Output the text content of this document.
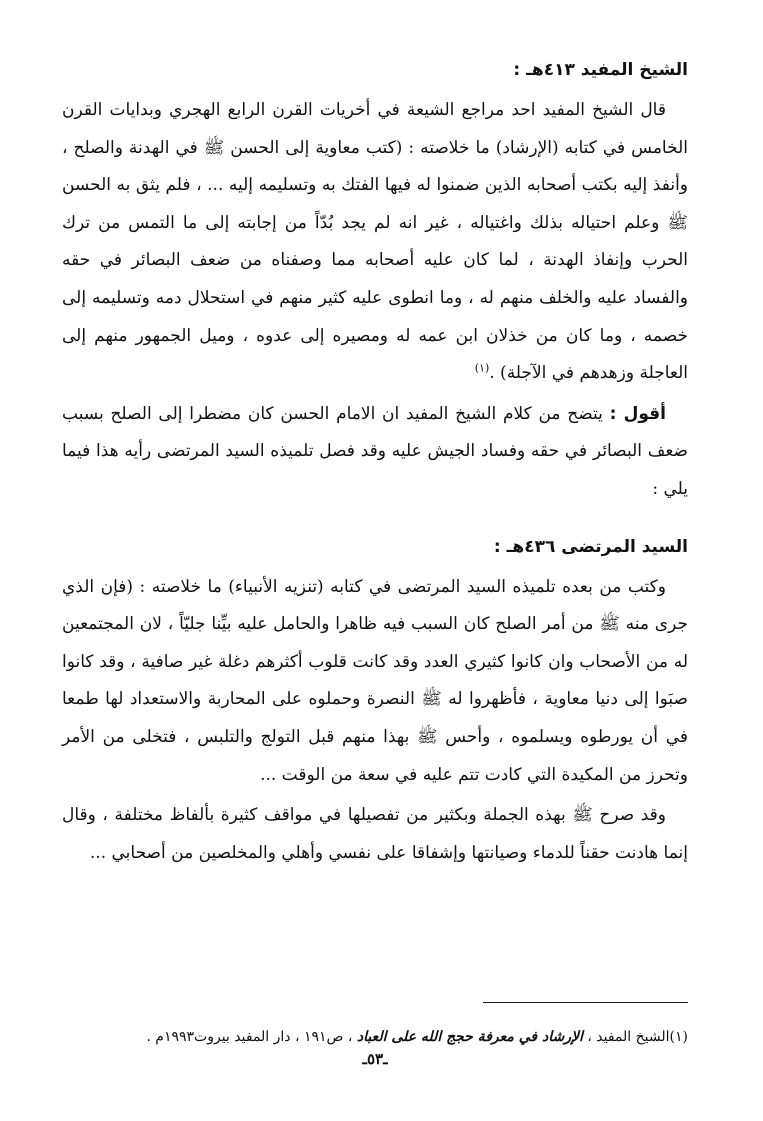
الشيخ المفيد ٤١٣هـ :

قال الشيخ المفيد احد مراجع الشيعة في أخريات القرن الرابع الهجري وبدايات القرن الخامس في كتابه (الإرشاد) ما خلاصته : (كتب معاوية إلى الحسن ﷺ في الهدنة والصلح ، وأنفذ إليه بكتب أصحابه الذين ضمنوا له فيها الفتك به وتسليمه إليه ... ، فلم يثق به الحسن ﷺ وعلم احتياله بذلك واغتياله ، غير انه لم يجد بُدّاً من إجابته إلى ما التمس من ترك الحرب وإنفاذ الهدنة ، لما كان عليه أصحابه مما وصفناه من ضعف البصائر في حقه والفساد عليه والخلف منهم له ، وما انطوى عليه كثير منهم في استحلال دمه وتسليمه إلى خصمه ، وما كان من خذلان ابن عمه له ومصيره إلى عدوه ، وميل الجمهور منهم إلى العاجلة وزهدهم في الآجلة) .$^{(١)}$

أقول : يتضح من كلام الشيخ المفيد ان الامام الحسن كان مضطرا إلى الصلح بسبب ضعف البصائر في حقه وفساد الجيش عليه وقد فصل تلميذه السيد المرتضى رأيه هذا فيما يلي :

السيد المرتضى ٤٣٦هـ :

وكتب من بعده تلميذه السيد المرتضى في كتابه (تنزيه الأنبياء) ما خلاصته : (فإن الذي جرى منه ﷺ من أمر الصلح كان السبب فيه ظاهرا والحامل عليه بيِّنا جليّاً ، لان المجتمعين له من الأصحاب وان كانوا كثيري العدد وقد كانت قلوب أكثرهم دغلة غير صافية ، وقد كانوا صبَوا إلى دنيا معاوية ، فأظهروا له ﷺ النصرة وحملوه على المحاربة والاستعداد لها طمعا في أن يورطوه ويسلموه ، وأحس ﷺ بهذا منهم قبل التولج والتلبس ، فتخلى من الأمر وتحرز من المكيدة التي كادت تتم عليه في سعة من الوقت ...

وقد صرح ﷺ بهذه الجملة وبكثير من تفصيلها في مواقف كثيرة بألفاظ مختلفة ، وقال إنما هادنت حقناً للدماء وصيانتها وإشفاقا على نفسي وأهلي والمخلصين من أصحابي ...

(١)الشيخ المفيد ، الإرشاد في معرفة حجج الله على العباد ، ص١٩١ ، دار المفيد بيروت١٩٩٣م .

ـ٥٣ـ
